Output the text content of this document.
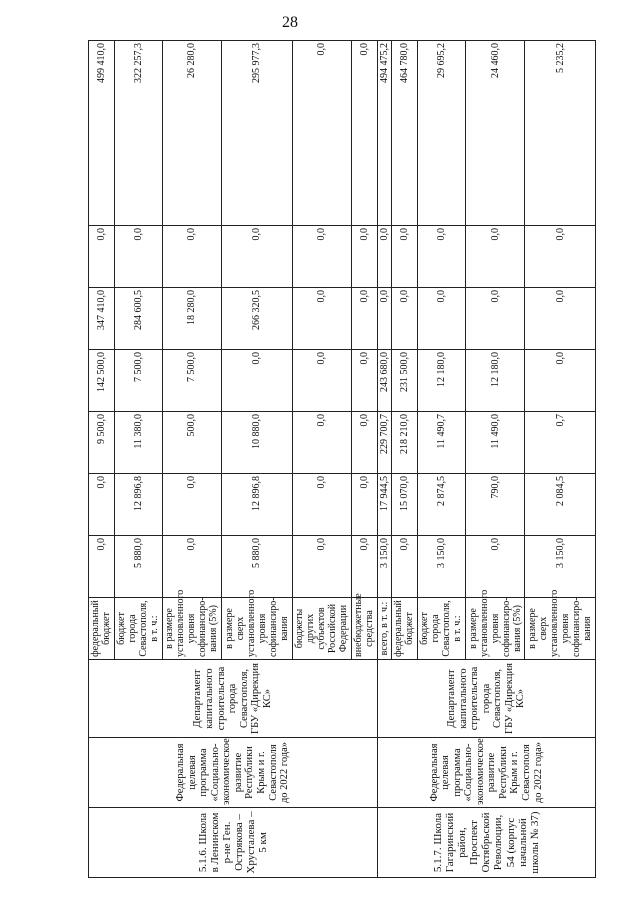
28
5.1.6. Школа в Ленинском р-не Ген. Острякова – Хрусталева – 5 км	Федеральная целевая программа «Социально-экономическое развитие Республики Крым и г. Севастополя до 2022 года»	Департамент капитального строительства города Севастополя, ГБУ «Дирекция КС»	федеральный бюджет	0,0	0,0	9 500,0	142 500,0	347 410,0	0,0	499 410,0
			бюджет города Севастополя, в т. ч.:	5 880,0	12 896,8	11 380,0	7 500,0	284 600,5	0,0	322 257,3
			в размере установленного уровня софинансиро-вания (5%)	0,0	0,0	500,0	7 500,0	18 280,0	0,0	26 280,0
			в размере сверх установленного уровня софинансиро-вания	5 880,0	12 896,8	10 880,0	0,0	266 320,5	0,0	295 977,3
			бюджеты других субъектов Российской Федерации	0,0	0,0	0,0	0,0	0,0	0,0	0,0
			внебюджетные средства	0,0	0,0	0,0	0,0	0,0	0,0	0,0
5.1.7. Школа Гагаринский район, Проспект Октябрьской Революции, 54 (корпус начальной школы № 37)	Федеральная целевая программа «Социально-экономическое развитие Республики Крым и г. Севастополя до 2022 года»	Департамент капитального строительства города Севастополя, ГБУ «Дирекция КС»	всего, в т. ч.:	3 150,0	17 944,5	229 700,7	243 680,0	0,0	0,0	494 475,2
			федеральный бюджет	0,0	15 070,0	218 210,0	231 500,0	0,0	0,0	464 780,0
			бюджет города Севастополя, в т. ч.:	3 150,0	2 874,5	11 490,7	12 180,0	0,0	0,0	29 695,2
			в размере установленного уровня софинансиро-вания (5%)	0,0	790,0	11 490,0	12 180,0	0,0	0,0	24 460,0
			в размере сверх установленного уровня софинансиро-вания	3 150,0	2 084,5	0,7	0,0	0,0	0,0	5 235,2
